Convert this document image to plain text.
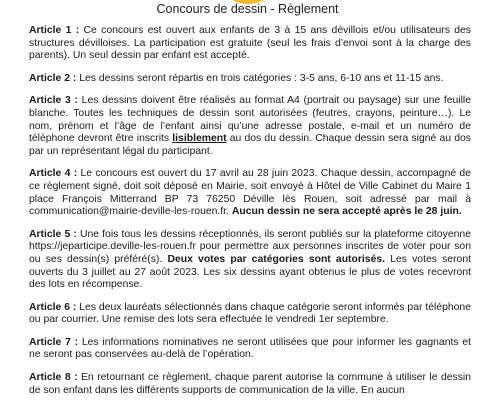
Concours de dessin - Règlement

Article 1 : Ce concours est ouvert aux enfants de 3 à 15 ans dévillois et/ou utilisateurs des structures dévilloises. La participation est gratuite (seul les frais d’envoi sont à la charge des parents). Un seul dessin par enfant est accepté.

Article 2 : Les dessins seront répartis en trois catégories : 3-5 ans, 6-10 ans et 11-15 ans.

Article 3 : Les dessins doivent être réalisés au format A4 (portrait ou paysage) sur une feuille blanche. Toutes les techniques de dessin sont autorisées (feutres, crayons, peinture…). Le nom, prénom et l’âge de l’enfant ainsi qu’une adresse postale, e-mail et un numéro de téléphone devront être inscrits lisiblement au dos du dessin. Chaque dessin sera signé au dos par un représentant légal du participant.

Article 4 : Le concours est ouvert du 17 avril au 28 juin 2023. Chaque dessin, accompagné de ce règlement signé, doit soit déposé en Mairie, soit envoyé à Hôtel de Ville Cabinet du Maire 1 place François Mitterrand BP 73 76250 Déville lès Rouen, soit adressé par mail à communication@mairie-deville-les-rouen.fr. Aucun dessin ne sera accepté après le 28 juin.

Article 5 : Une fois tous les dessins réceptionnés, ils seront publiés sur la plateforme citoyenne https://jeparticipe.deville-les-rouen.fr pour permettre aux personnes inscrites de voter pour son ou ses dessin(s) préféré(s). Deux votes par catégories sont autorisés. Les votes seront ouverts du 3 juillet au 27 août 2023. Les six dessins ayant obtenus le plus de votes recevront des lots en récompense.

Article 6 : Les deux lauréats sélectionnés dans chaque catégorie seront informés par téléphone ou par courrier. Une remise des lots sera effectuée le vendredi 1er septembre.

Article 7 : Les informations nominatives ne seront utilisées que pour informer les gagnants et ne seront pas conservées au-delà de l’opération.

Article 8 : En retournant ce règlement, chaque parent autorise la commune à utiliser le dessin de son enfant dans les différents supports de communication de la ville. En aucun
